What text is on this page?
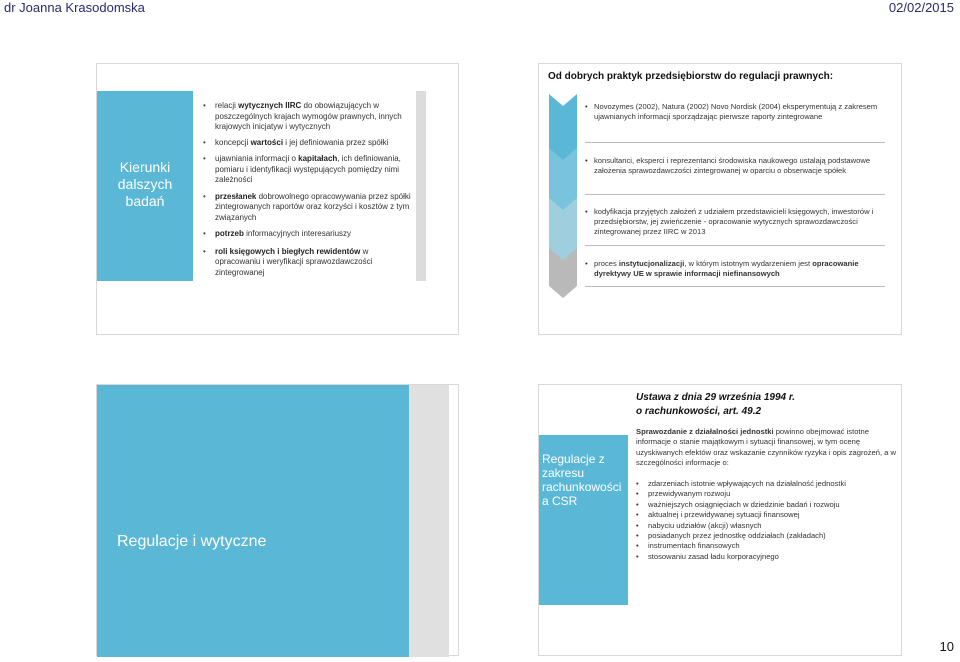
dr Joanna Krasodomska	02/02/2015
Kierunki dalszych badań
• relacji wytycznych IIRC do obowiązujących w poszczególnych krajach wymogów prawnych, innych krajowych inicjatyw i wytycznych
• koncepcji wartości i jej definiowania przez spółki
• ujawniania informacji o kapitałach, ich definiowania, pomiaru i identyfikacji występujących pomiędzy nimi zależności
• przesłanek dobrowolnego opracowywania przez spółki zintegrowanych raportów oraz korzyści i kosztów z tym związanych
• potrzeb informacyjnych interesariuszy
• roli księgowych i biegłych rewidentów w opracowaniu i weryfikacji sprawozdawczości zintegrowanej
Od dobrych praktyk przedsiębiorstw do regulacji prawnych:
• Novozymes (2002), Natura (2002) Novo Nordisk (2004) eksperymentują z zakresem ujawnianych informacji sporządzając pierwsze raporty zintegrowane
• konsultanci, eksperci i reprezentanci środowiska naukowego ustalają podstawowe założenia sprawozdawczości zintegrowanej w oparciu o obserwacje spółek
• kodyfikacja przyjętych założeń z udziałem przedstawicieli księgowych, inwestorów i przedsiębiorstw, jej zwieńczenie - opracowanie wytycznych sprawozdawczości zintegrowanej przez IIRC w 2013
• proces instytucjonalizacji, w którym istotnym wydarzeniem jest opracowanie dyrektywy UE w sprawie informacji niefinansowych
Regulacje i wytyczne
Regulacje z zakresu rachunkowości a CSR
Ustawa z dnia 29 września 1994 r.
o rachunkowości, art. 49.2
Sprawozdanie z działalności jednostki powinno obejmować istotne informacje o stanie majątkowym i sytuacji finansowej, w tym ocenę uzyskiwanych efektów oraz wskazanie czynników ryzyka i opis zagrożeń, a w szczególności informacje o:
• zdarzeniach istotnie wpływających na działalność jednostki
• przewidywanym rozwoju
• ważniejszych osiągnięciach w dziedzinie badań i rozwoju
• aktualnej i przewidywanej sytuacji finansowej
• nabyciu udziałów (akcji) własnych
• posiadanych przez jednostkę oddziałach (zakładach)
• instrumentach finansowych
• stosowaniu zasad ładu korporacyjnego
10
